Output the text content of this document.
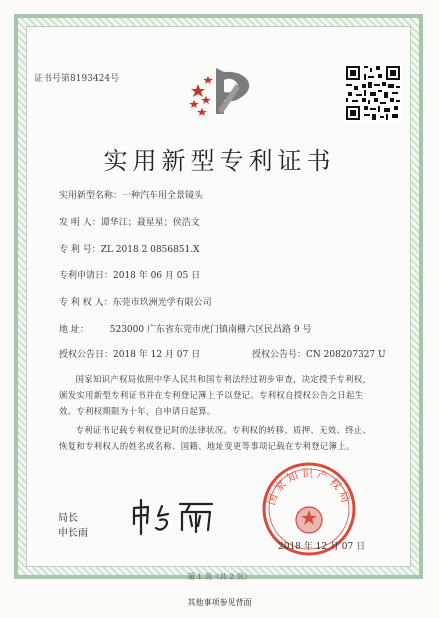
证书号第8193424号
实用新型专利证书
实用新型名称：一种汽车用全景镜头
发 明 人：谭华江；聂星星；侯浩文
专 利 号：ZL 2018 2 0856851.X
专利申请日：2018 年 06 月 05 日
专 利 权 人：东莞市玖洲光学有限公司
地 址： 523000 广东省东莞市虎门镇南栅六区民昌路 9 号
授权公告日：2018 年 12 月 07 日	授权公告号：CN 208207327 U
国家知识产权局依照中华人民共和国专利法经过初步审查，决定授予专利权，颁发实用新型专利证书并在专利登记簿上予以登记。专利权自授权公告之日起生效。专利权期限为十年，自申请日起算。
专利证书记载专利权登记时的法律状况。专利权的转移、质押、无效、终止、恢复和专利权人的姓名或名称、国籍、地址变更等事项记载在专利登记簿上。
局长
申长雨
国家知识产权局
2018 年 12 月 07 日
第 1 页（共 2 页）
其他事项参见背面
